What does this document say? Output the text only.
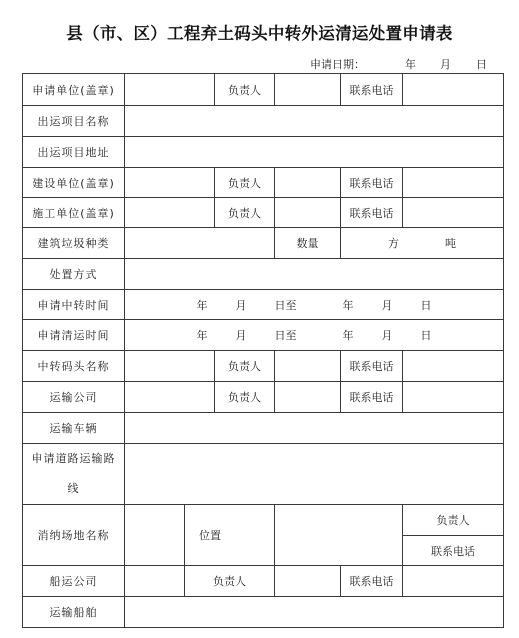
县（市、区）工程弃土码头中转外运清运处置申请表
申请日期：	年 月 日
申请单位(盖章)			负责人		联系电话	
出运项目名称						
出运项目地址						
建设单位(盖章)			负责人		联系电话	
施工单位(盖章)			负责人		联系电话	
建筑垃圾种类				数量	方 吨	
处置方式						
申请中转时间	年 月 日至 年 月 日					
申请清运时间	年 月 日至 年 月 日					
中转码头名称			负责人		联系电话	
运输公司			负责人		联系电话	
运输车辆						
申请道路运输路
线						
消纳场地名称		位置				负责人
						联系电话
船运公司		负责人			联系电话	
运输船舶						
